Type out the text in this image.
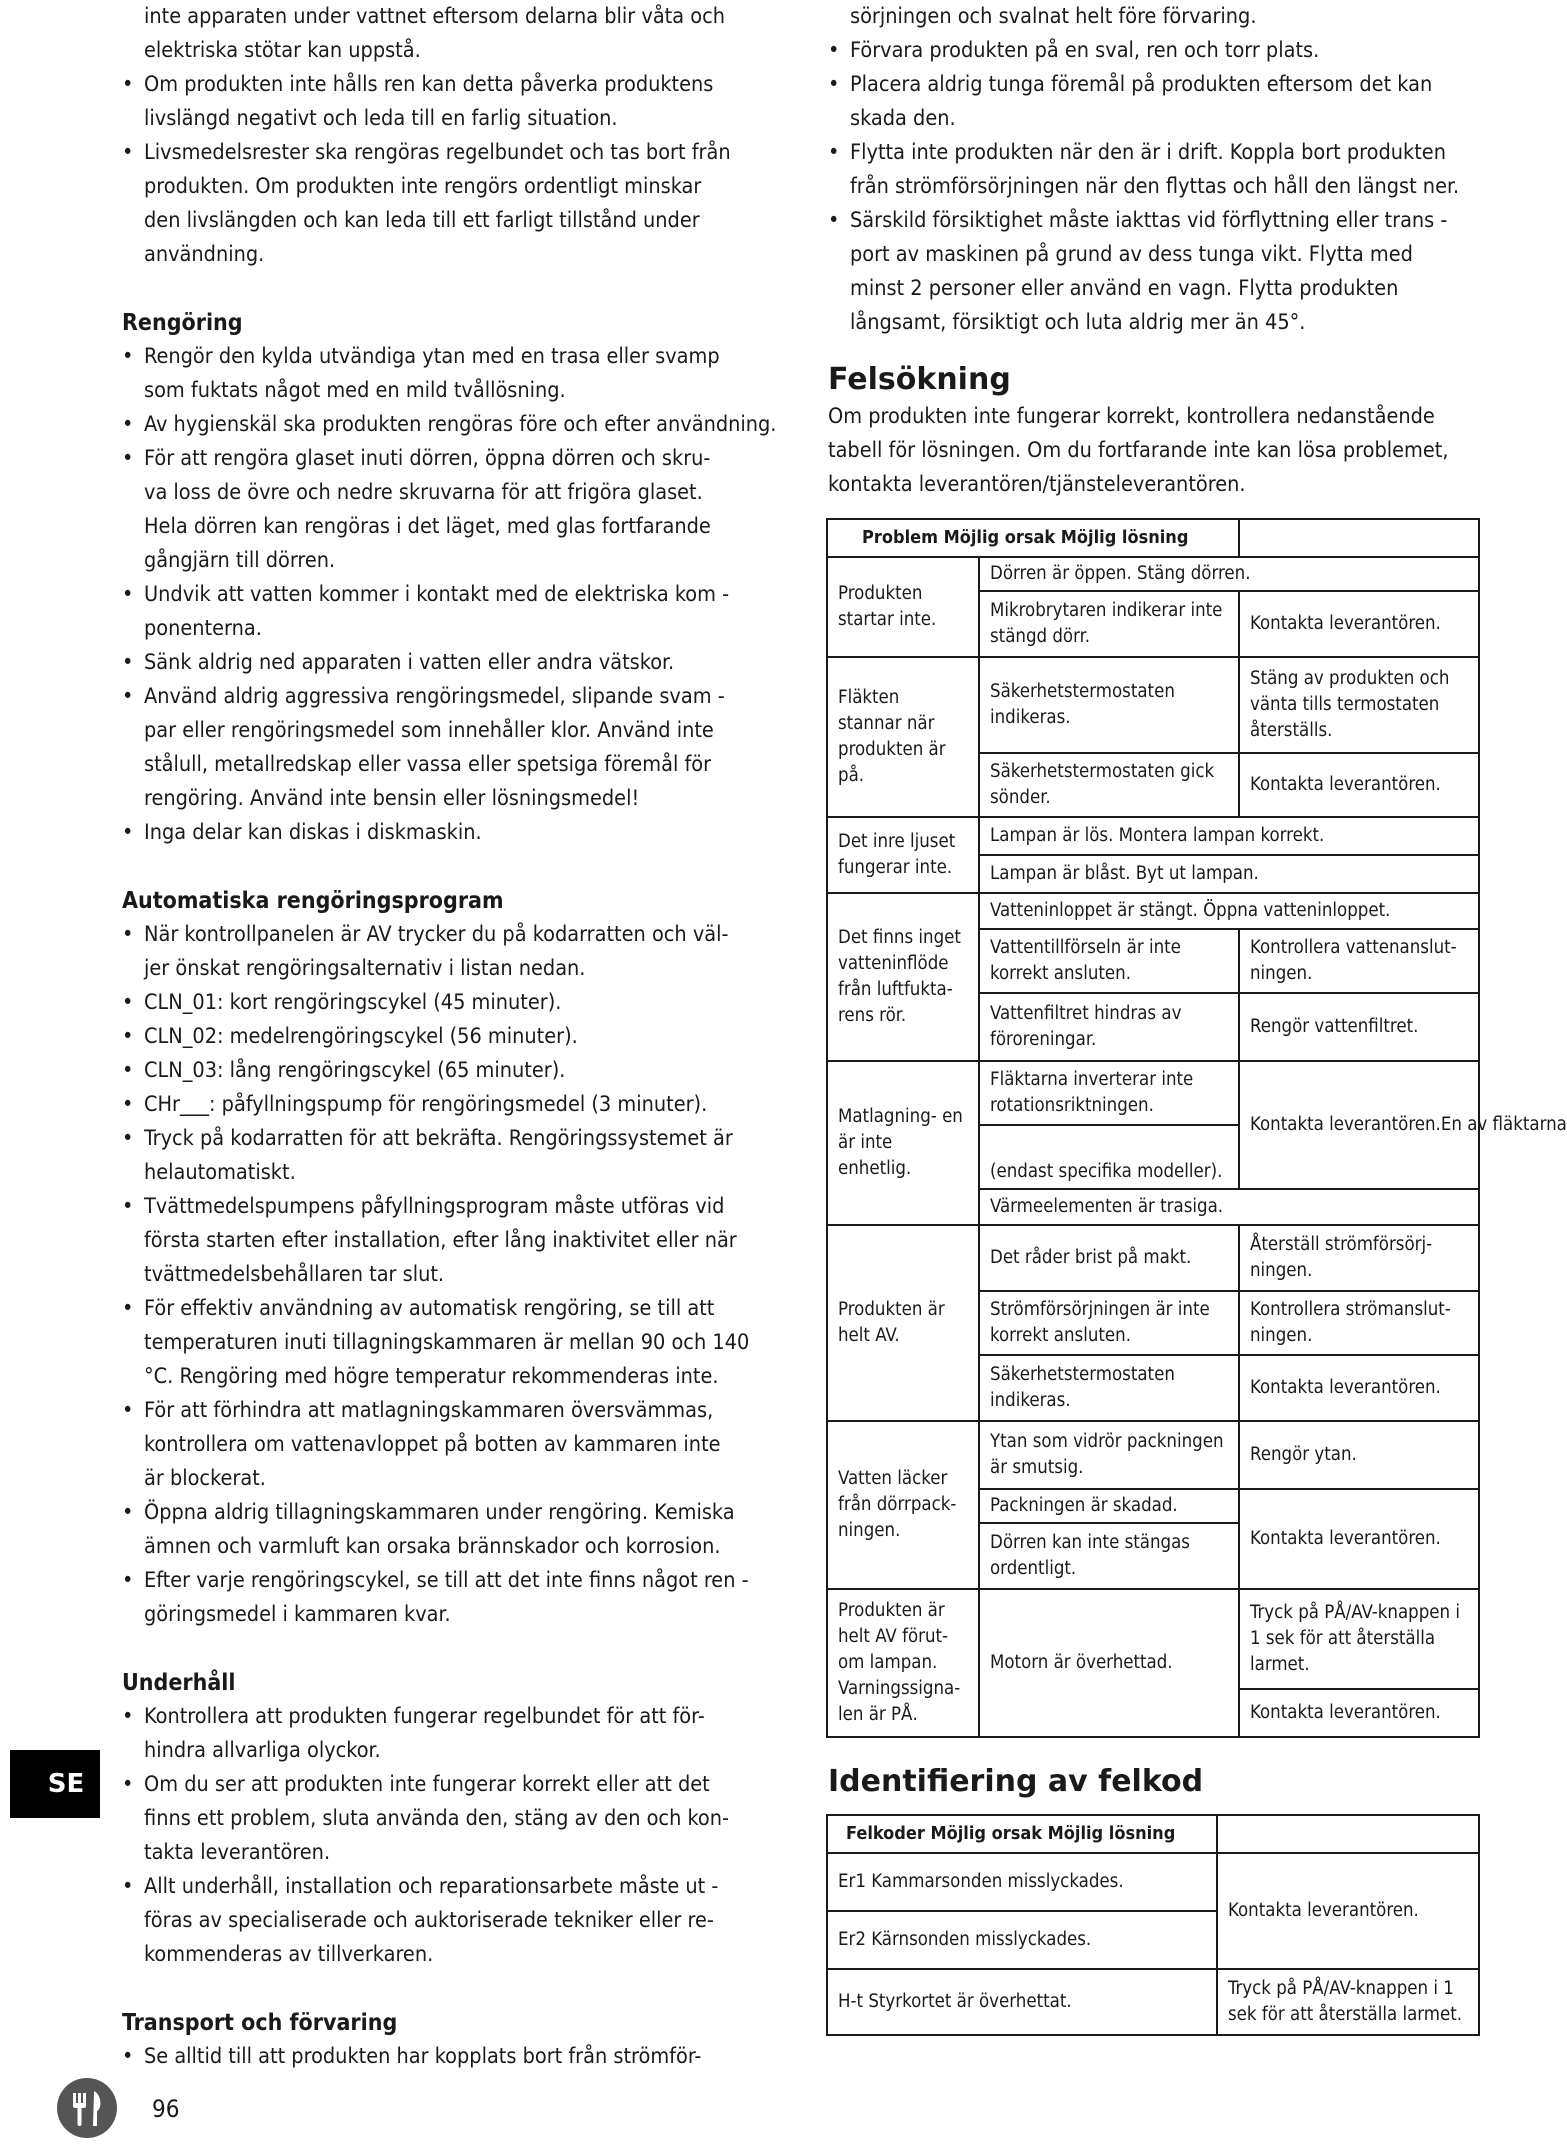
inte apparaten under vattnet eftersom delarna blir våta och
elektriska stötar kan uppstå.
• Om produkten inte hålls ren kan detta påverka produktens
livslängd negativt och leda till en farlig situation.
• Livsmedelsrester ska rengöras regelbundet och tas bort från
produkten. Om produkten inte rengörs ordentligt minskar
den livslängden och kan leda till ett farligt tillstånd under
användning.
Rengöring
• Rengör den kylda utvändiga ytan med en trasa eller svamp
som fuktats något med en mild tvållösning.
• Av hygienskäl ska produkten rengöras före och efter användning.
• För att rengöra glaset inuti dörren, öppna dörren och skru-
va loss de övre och nedre skruvarna för att frigöra glaset.
Hela dörren kan rengöras i det läget, med glas fortfarande
gångjärn till dörren.
• Undvik att vatten kommer i kontakt med de elektriska kom -
ponenterna.
• Sänk aldrig ned apparaten i vatten eller andra vätskor.
• Använd aldrig aggressiva rengöringsmedel, slipande svam -
par eller rengöringsmedel som innehåller klor. Använd inte
stålull, metallredskap eller vassa eller spetsiga föremål för
rengöring. Använd inte bensin eller lösningsmedel!
• Inga delar kan diskas i diskmaskin.
Automatiska rengöringsprogram
• När kontrollpanelen är AV trycker du på kodarratten och väl-
jer önskat rengöringsalternativ i listan nedan.
• CLN_01: kort rengöringscykel (45 minuter).
• CLN_02: medelrengöringscykel (56 minuter).
• CLN_03: lång rengöringscykel (65 minuter).
• CHr___: påfyllningspump för rengöringsmedel (3 minuter).
• Tryck på kodarratten för att bekräfta. Rengöringssystemet är
helautomatiskt.
• Tvättmedelspumpens påfyllningsprogram måste utföras vid
första starten efter installation, efter lång inaktivitet eller när
tvättmedelsbehållaren tar slut.
• För effektiv användning av automatisk rengöring, se till att
temperaturen inuti tillagningskammaren är mellan 90 och 140
°C. Rengöring med högre temperatur rekommenderas inte.
• För att förhindra att matlagningskammaren översvämmas,
kontrollera om vattenavloppet på botten av kammaren inte
är blockerat.
• Öppna aldrig tillagningskammaren under rengöring. Kemiska
ämnen och varmluft kan orsaka brännskador och korrosion.
• Efter varje rengöringscykel, se till att det inte finns något ren -
göringsmedel i kammaren kvar.
Underhåll
• Kontrollera att produkten fungerar regelbundet för att för-
hindra allvarliga olyckor.
• Om du ser att produkten inte fungerar korrekt eller att det
finns ett problem, sluta använda den, stäng av den och kon-
takta leverantören.
• Allt underhåll, installation och reparationsarbete måste ut -
föras av specialiserade och auktoriserade tekniker eller re-
kommenderas av tillverkaren.
Transport och förvaring
• Se alltid till att produkten har kopplats bort från strömför-

sörjningen och svalnat helt före förvaring.

• Förvara produkten på en sval, ren och torr plats.
• Placera aldrig tunga föremål på produkten eftersom det kan
skada den.
• Flytta inte produkten när den är i drift. Koppla bort produkten
från strömförsörjningen när den flyttas och håll den längst ner.
• Särskild försiktighet måste iakttas vid förflyttning eller trans -
port av maskinen på grund av dess tunga vikt. Flytta med
minst 2 personer eller använd en vagn. Flytta produkten
långsamt, försiktigt och luta aldrig mer än 45°.
Felsökning

Om produkten inte fungerar korrekt, kontrollera nedanstående

tabell för lösningen. Om du fortfarande inte kan lösa problemet,

kontakta leverantören/tjänsteleverantören.

Problem Möjlig orsak Möjlig lösning		
Produkten startar inte.	Dörren är öppen. Stäng dörren.	
	Mikrobrytaren indikerar inte stängd dörr.	Kontakta leverantören.
Fläkten stannar när produkten är på.	Säkerhetstermostaten indikeras.	Stäng av produkten och vänta tills termostaten återställs.
	Säkerhetstermostaten gick sönder.	Kontakta leverantören.
Det inre ljuset fungerar inte.	Lampan är lös. Montera lampan korrekt.	
	Lampan är blåst. Byt ut lampan.	
Det finns inget vatteninflöde från luftfukta- rens rör.	Vatteninloppet är stängt. Öppna vatteninloppet.	
	Vattentillförseln är inte korrekt ansluten.	Kontrollera vattenanslut- ningen.
	Vattenfiltret hindras av föroreningar.	Rengör vattenfiltret.
Matlagning- en är inte enhetlig.	Fläktarna inverterar inte rotationsriktningen.	Kontakta leverantören.En av fläktarna
	(endast specifika modeller).	
	Värmeelementen är trasiga.	
Produkten är helt AV.	Det råder brist på makt.	Återställ strömförsörj- ningen.
	Strömförsörjningen är inte korrekt ansluten.	Kontrollera strömanslut- ningen.
	Säkerhetstermostaten indikeras.	Kontakta leverantören.
Vatten läcker från dörrpack- ningen.	Ytan som vidrör packningen är smutsig.	Rengör ytan.
	Packningen är skadad.	Kontakta leverantören.
	Dörren kan inte stängas ordentligt.	
Produkten är helt AV förut- om lampan. Varningssigna- len är PÅ.	Motorn är överhettad.	Tryck på PÅ/AV-knappen i 1 sek för att återställa larmet.
		Kontakta leverantören.
Identifiering av felkod
Felkoder Möjlig orsak Möjlig lösning	
Er1 Kammarsonden misslyckades.	Kontakta leverantören.
Er2 Kärnsonden misslyckades.	
H-t Styrkortet är överhettat.	Tryck på PÅ/AV-knappen i 1 sek för att återställa larmet.
SE
96
